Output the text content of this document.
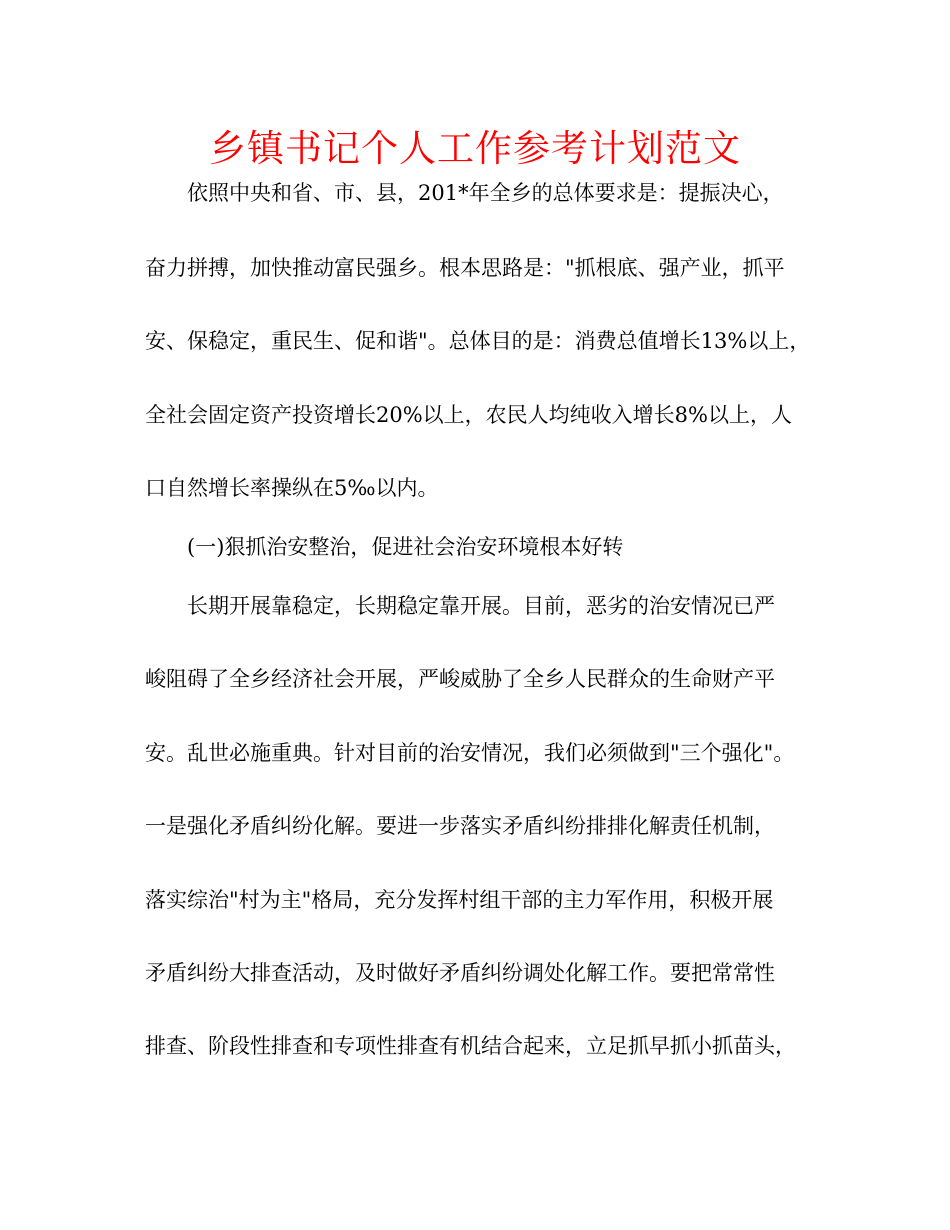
乡镇书记个人工作参考计划范文
依照中央和省、市、县，201*年全乡的总体要求是：提振决心，
奋力拼搏，加快推动富民强乡。根本思路是："抓根底、强产业，抓平
安、保稳定，重民生、促和谐"。总体目的是：消费总值增长13%以上，
全社会固定资产投资增长20%以上，农民人均纯收入增长8%以上，人
口自然增长率操纵在5‰以内。
(一)狠抓治安整治，促进社会治安环境根本好转
长期开展靠稳定，长期稳定靠开展。目前，恶劣的治安情况已严
峻阻碍了全乡经济社会开展，严峻威胁了全乡人民群众的生命财产平
安。乱世必施重典。针对目前的治安情况，我们必须做到"三个强化"。
一是强化矛盾纠纷化解。要进一步落实矛盾纠纷排排化解责任机制，
落实综治"村为主"格局，充分发挥村组干部的主力军作用，积极开展
矛盾纠纷大排查活动，及时做好矛盾纠纷调处化解工作。要把常常性
排查、阶段性排查和专项性排查有机结合起来，立足抓早抓小抓苗头，
